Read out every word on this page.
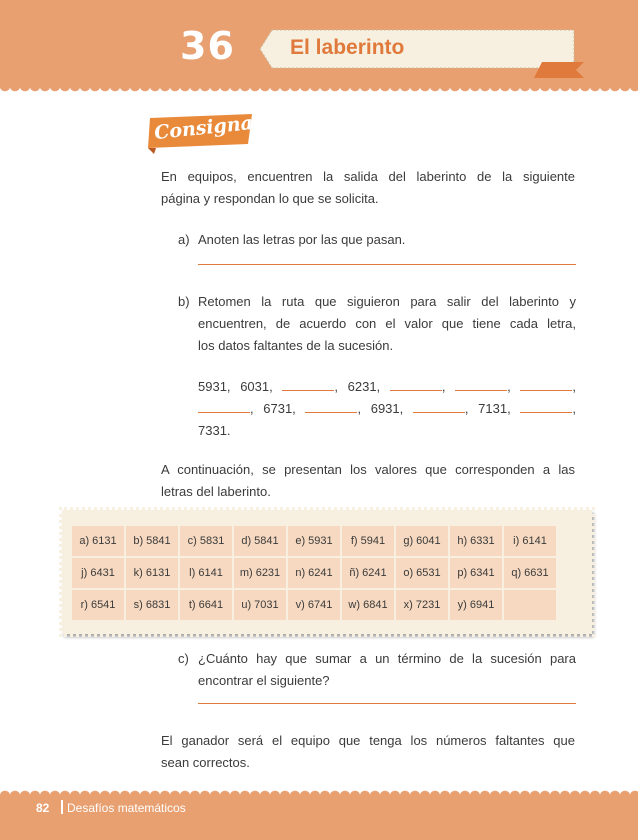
36	El laberinto
Consigna 1
En equipos, encuentren la salida del laberinto de la siguiente
página y respondan lo que se solicita.
a) Anoten las letras por las que pasan.
b) Retomen la ruta que siguieron para salir del laberinto y
encuentren, de acuerdo con el valor que tiene cada letra,
los datos faltantes de la sucesión.
5931, 6031,	, 6231,	,	,	,
, 6731,	, 6931,	, 7131,	,
7331.
A continuación, se presentan los valores que corresponden a las
letras del laberinto.
a) 6131	b) 5841	c) 5831	d) 5841	e) 5931	f) 5941	g) 6041	h) 6331	i) 6141
j) 6431	k) 6131	l) 6141	m) 6231	n) 6241	ñ) 6241	o) 6531	p) 6341	q) 6631
r) 6541	s) 6831	t) 6641	u) 7031	v) 6741	w) 6841	x) 7231	y) 6941	
c) ¿Cuánto hay que sumar a un término de la sucesión para
encontrar el siguiente?
El ganador será el equipo que tenga los números faltantes que
sean correctos.
82 Desafíos matemáticos
